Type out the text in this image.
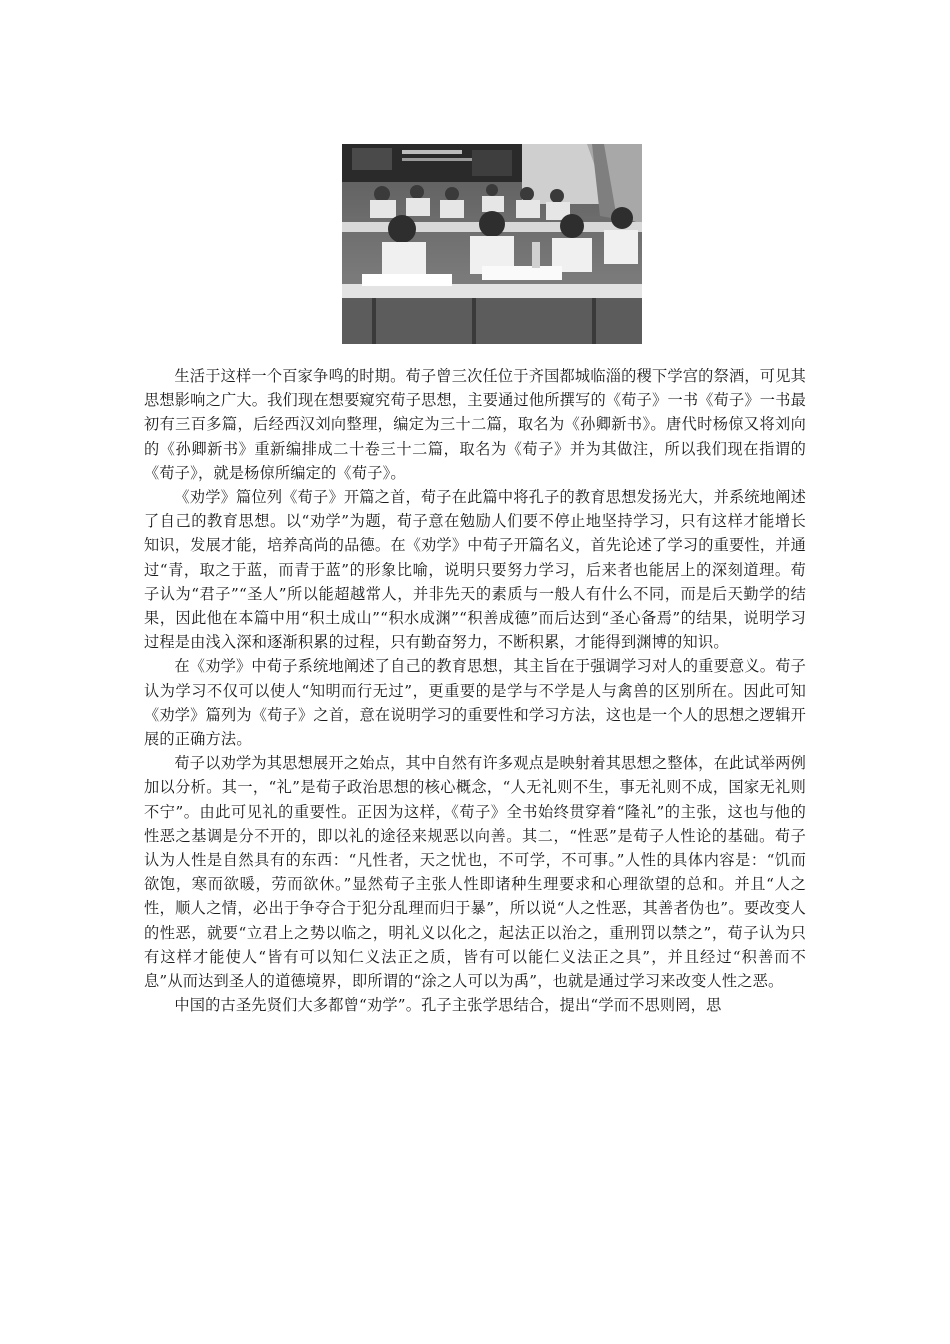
生活于这样一个百家争鸣的时期。荀子曾三次任位于齐国都城临淄的稷下学宫的祭酒，可见其思想影响之广大。我们现在想要窥究荀子思想，主要通过他所撰写的《荀子》一书《荀子》一书最初有三百多篇，后经西汉刘向整理，编定为三十二篇，取名为《孙卿新书》。唐代时杨倞又将刘向的《孙卿新书》重新编排成二十卷三十二篇，取名为《荀子》并为其做注，所以我们现在指谓的《荀子》，就是杨倞所编定的《荀子》。

《劝学》篇位列《荀子》开篇之首，荀子在此篇中将孔子的教育思想发扬光大，并系统地阐述了自己的教育思想。以“劝学”为题，荀子意在勉励人们要不停止地坚持学习，只有这样才能增长知识，发展才能，培养高尚的品德。在《劝学》中荀子开篇名义，首先论述了学习的重要性，并通过“青，取之于蓝，而青于蓝”的形象比喻，说明只要努力学习，后来者也能居上的深刻道理。荀子认为“君子”“圣人”所以能超越常人，并非先天的素质与一般人有什么不同，而是后天勤学的结果，因此他在本篇中用“积土成山”“积水成渊”“积善成德”而后达到“圣心备焉”的结果，说明学习过程是由浅入深和逐渐积累的过程，只有勤奋努力，不断积累，才能得到渊博的知识。

在《劝学》中荀子系统地阐述了自己的教育思想，其主旨在于强调学习对人的重要意义。荀子认为学习不仅可以使人“知明而行无过”，更重要的是学与不学是人与禽兽的区别所在。因此可知《劝学》篇列为《荀子》之首，意在说明学习的重要性和学习方法，这也是一个人的思想之逻辑开展的正确方法。

荀子以劝学为其思想展开之始点，其中自然有许多观点是映射着其思想之整体，在此试举两例加以分析。其一，“礼”是荀子政治思想的核心概念，“人无礼则不生，事无礼则不成，国家无礼则不宁”。由此可见礼的重要性。正因为这样，《荀子》全书始终贯穿着“隆礼”的主张，这也与他的性恶之基调是分不开的，即以礼的途径来规恶以向善。其二，“性恶”是荀子人性论的基础。荀子认为人性是自然具有的东西：“凡性者，天之忧也，不可学，不可事。”人性的具体内容是：“饥而欲饱，寒而欲暖，劳而欲休。”显然荀子主张人性即诸种生理要求和心理欲望的总和。并且“人之性，顺人之情，必出于争夺合于犯分乱理而归于暴”，所以说“人之性恶，其善者伪也”。要改变人的性恶，就要“立君上之势以临之，明礼义以化之，起法正以治之，重刑罚以禁之”，荀子认为只有这样才能使人“皆有可以知仁义法正之质，皆有可以能仁义法正之具”，并且经过“积善而不息”从而达到圣人的道德境界，即所谓的“涂之人可以为禹”，也就是通过学习来改变人性之恶。

中国的古圣先贤们大多都曾“劝学”。孔子主张学思结合，提出“学而不思则罔，思
